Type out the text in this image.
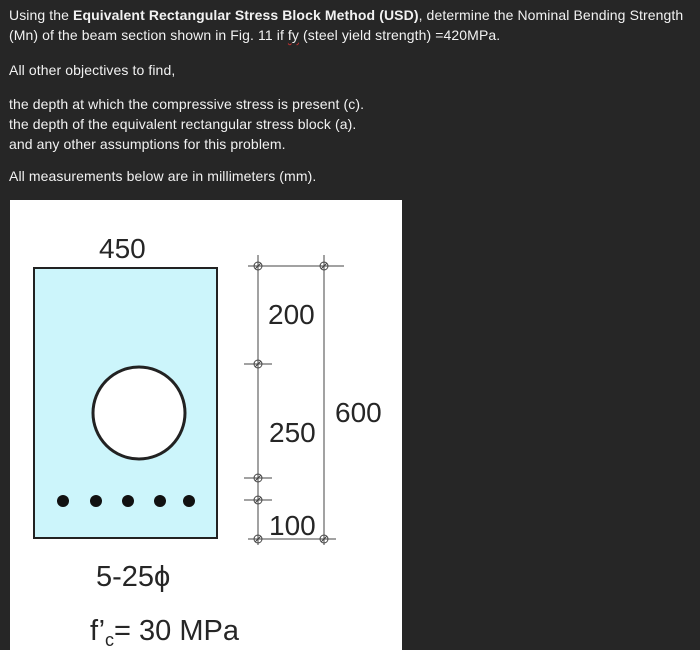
Using the Equivalent Rectangular Stress Block Method (USD), determine the Nominal Bending Strength (Mn) of the beam section shown in Fig. 11 if fy (steel yield strength) =420MPa.
All other objectives to find,
the depth at which the compressive stress is present (c).
the depth of the equivalent rectangular stress block (a).
and any other assumptions for this problem.
All measurements below are in millimeters (mm).
450
200
250
600
100
5-25ϕ
$f’_c= 30$ MPa
